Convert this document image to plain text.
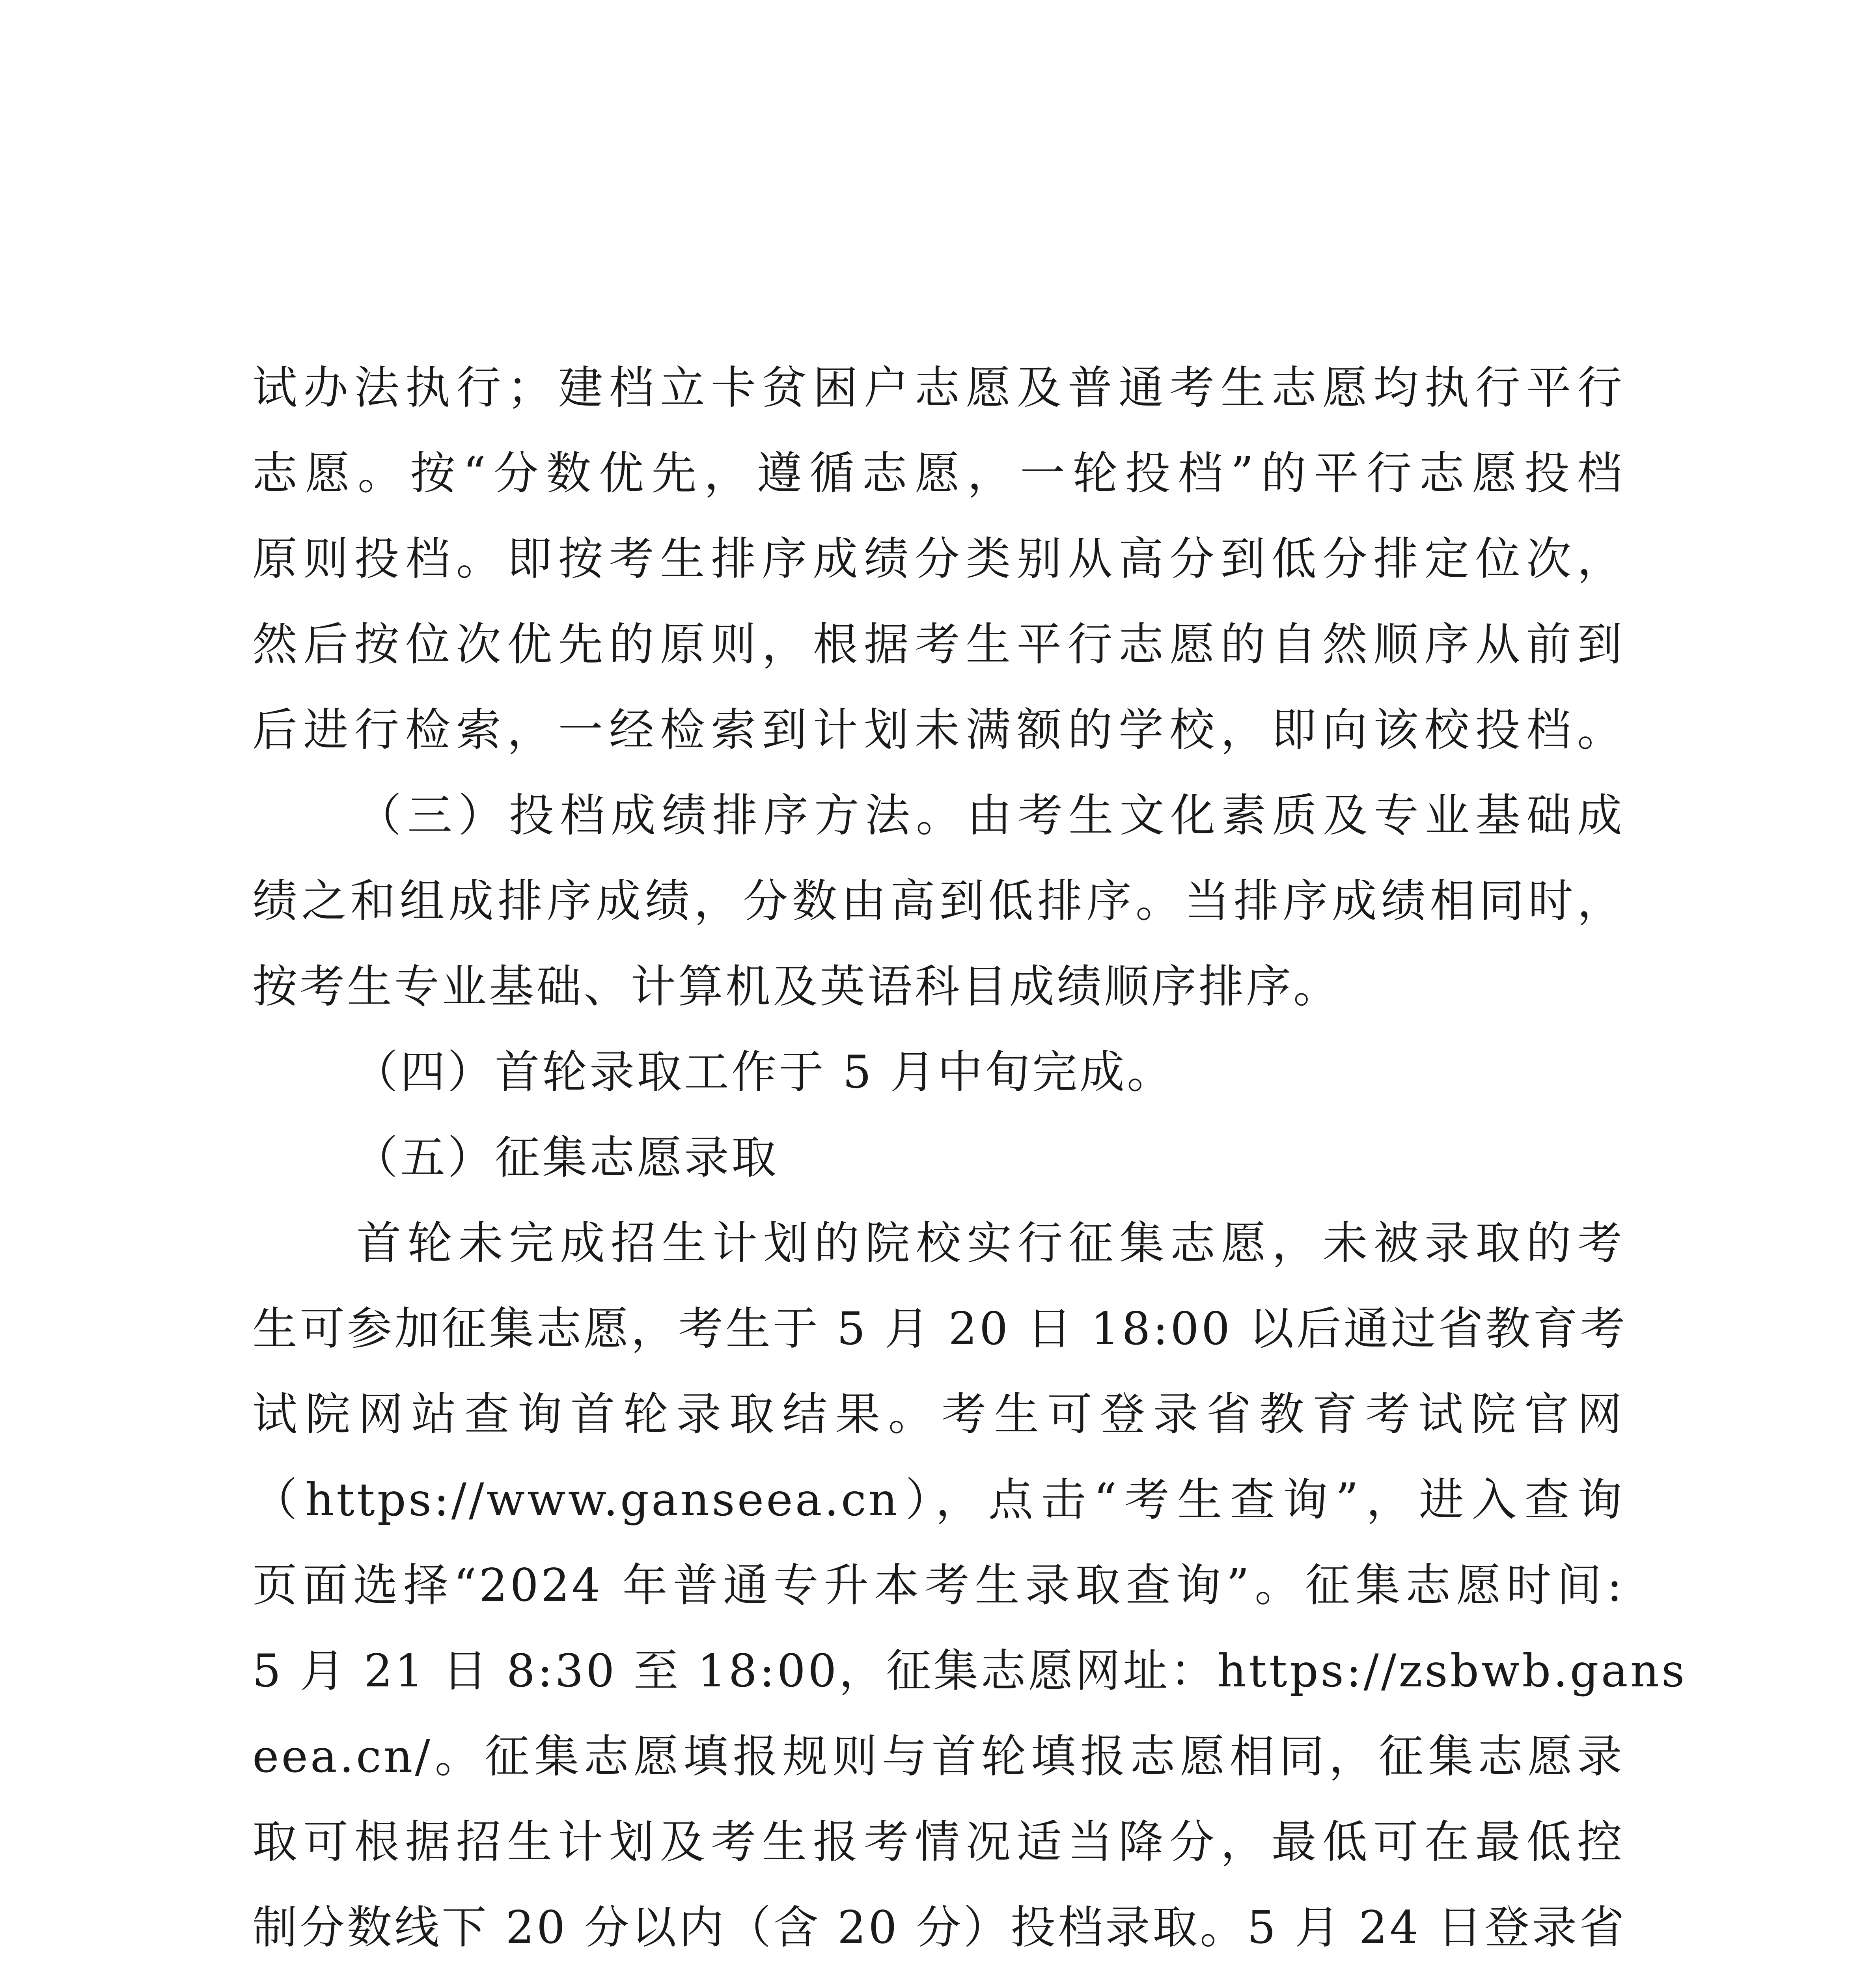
试办法执行；建档立卡贫困户志愿及普通考生志愿均执行平行

志愿。按“分数优先，遵循志愿，一轮投档”的平行志愿投档

原则投档。即按考生排序成绩分类别从高分到低分排定位次，

然后按位次优先的原则，根据考生平行志愿的自然顺序从前到

后进行检索，一经检索到计划未满额的学校，即向该校投档。

（三）投档成绩排序方法。由考生文化素质及专业基础成

绩之和组成排序成绩，分数由高到低排序。当排序成绩相同时，

按考生专业基础、计算机及英语科目成绩顺序排序。

（四）首轮录取工作于 5 月中旬完成。

（五）征集志愿录取

首轮未完成招生计划的院校实行征集志愿，未被录取的考

生可参加征集志愿，考生于 5 月 20 日 18:00 以后通过省教育考

试院网站查询首轮录取结果。考生可登录省教育考试院官网

（https://www.ganseea.cn），点击“考生查询”，进入查询

页面选择“2024 年普通专升本考生录取查询”。征集志愿时间:

5 月 21 日 8:30 至 18:00，征集志愿网址：https://zsbwb.gans

eea.cn/。征集志愿填报规则与首轮填报志愿相同，征集志愿录

取可根据招生计划及考生报考情况适当降分，最低可在最低控

制分数线下 20 分以内（含 20 分）投档录取。5 月 24 日登录省
